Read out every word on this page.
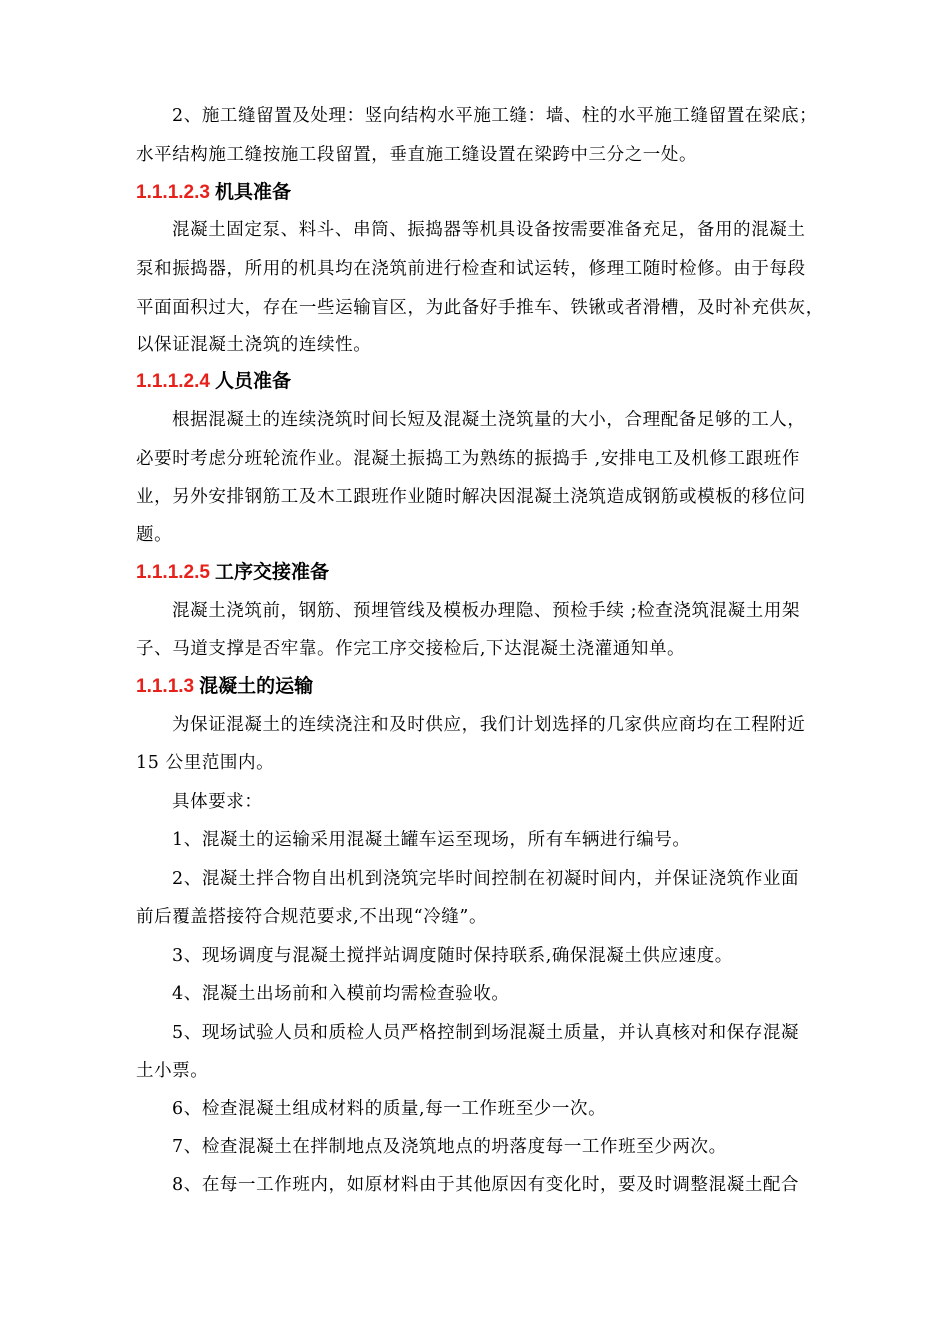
2、施工缝留置及处理：竖向结构水平施工缝：墙、柱的水平施工缝留置在梁底；
水平结构施工缝按施工段留置，垂直施工缝设置在梁跨中三分之一处。
1.1.1.2.3 机具准备
混凝土固定泵、料斗、串筒、振捣器等机具设备按需要准备充足，备用的混凝土
泵和振捣器，所用的机具均在浇筑前进行检查和试运转，修理工随时检修。由于每段
平面面积过大，存在一些运输盲区，为此备好手推车、铁锹或者滑槽，及时补充供灰，
以保证混凝土浇筑的连续性。
1.1.1.2.4 人员准备
根据混凝土的连续浇筑时间长短及混凝土浇筑量的大小，合理配备足够的工人，
必要时考虑分班轮流作业。混凝土振捣工为熟练的振捣手 ,安排电工及机修工跟班作
业，另外安排钢筋工及木工跟班作业随时解决因混凝土浇筑造成钢筋或模板的移位问
题。
1.1.1.2.5 工序交接准备
混凝土浇筑前，钢筋、预埋管线及模板办理隐、预检手续 ;检查浇筑混凝土用架
子、马道支撑是否牢靠。作完工序交接检后,下达混凝土浇灌通知单。
1.1.1.3 混凝土的运输
为保证混凝土的连续浇注和及时供应，我们计划选择的几家供应商均在工程附近
15 公里范围内。
具体要求：
1、混凝土的运输采用混凝土罐车运至现场，所有车辆进行编号。
2、混凝土拌合物自出机到浇筑完毕时间控制在初凝时间内，并保证浇筑作业面
前后覆盖搭接符合规范要求,不出现“冷缝”。
3、现场调度与混凝土搅拌站调度随时保持联系,确保混凝土供应速度。
4、混凝土出场前和入模前均需检查验收。
5、现场试验人员和质检人员严格控制到场混凝土质量，并认真核对和保存混凝
土小票。
6、检查混凝土组成材料的质量,每一工作班至少一次。
7、检查混凝土在拌制地点及浇筑地点的坍落度每一工作班至少两次。
8、在每一工作班内，如原材料由于其他原因有变化时，要及时调整混凝土配合
